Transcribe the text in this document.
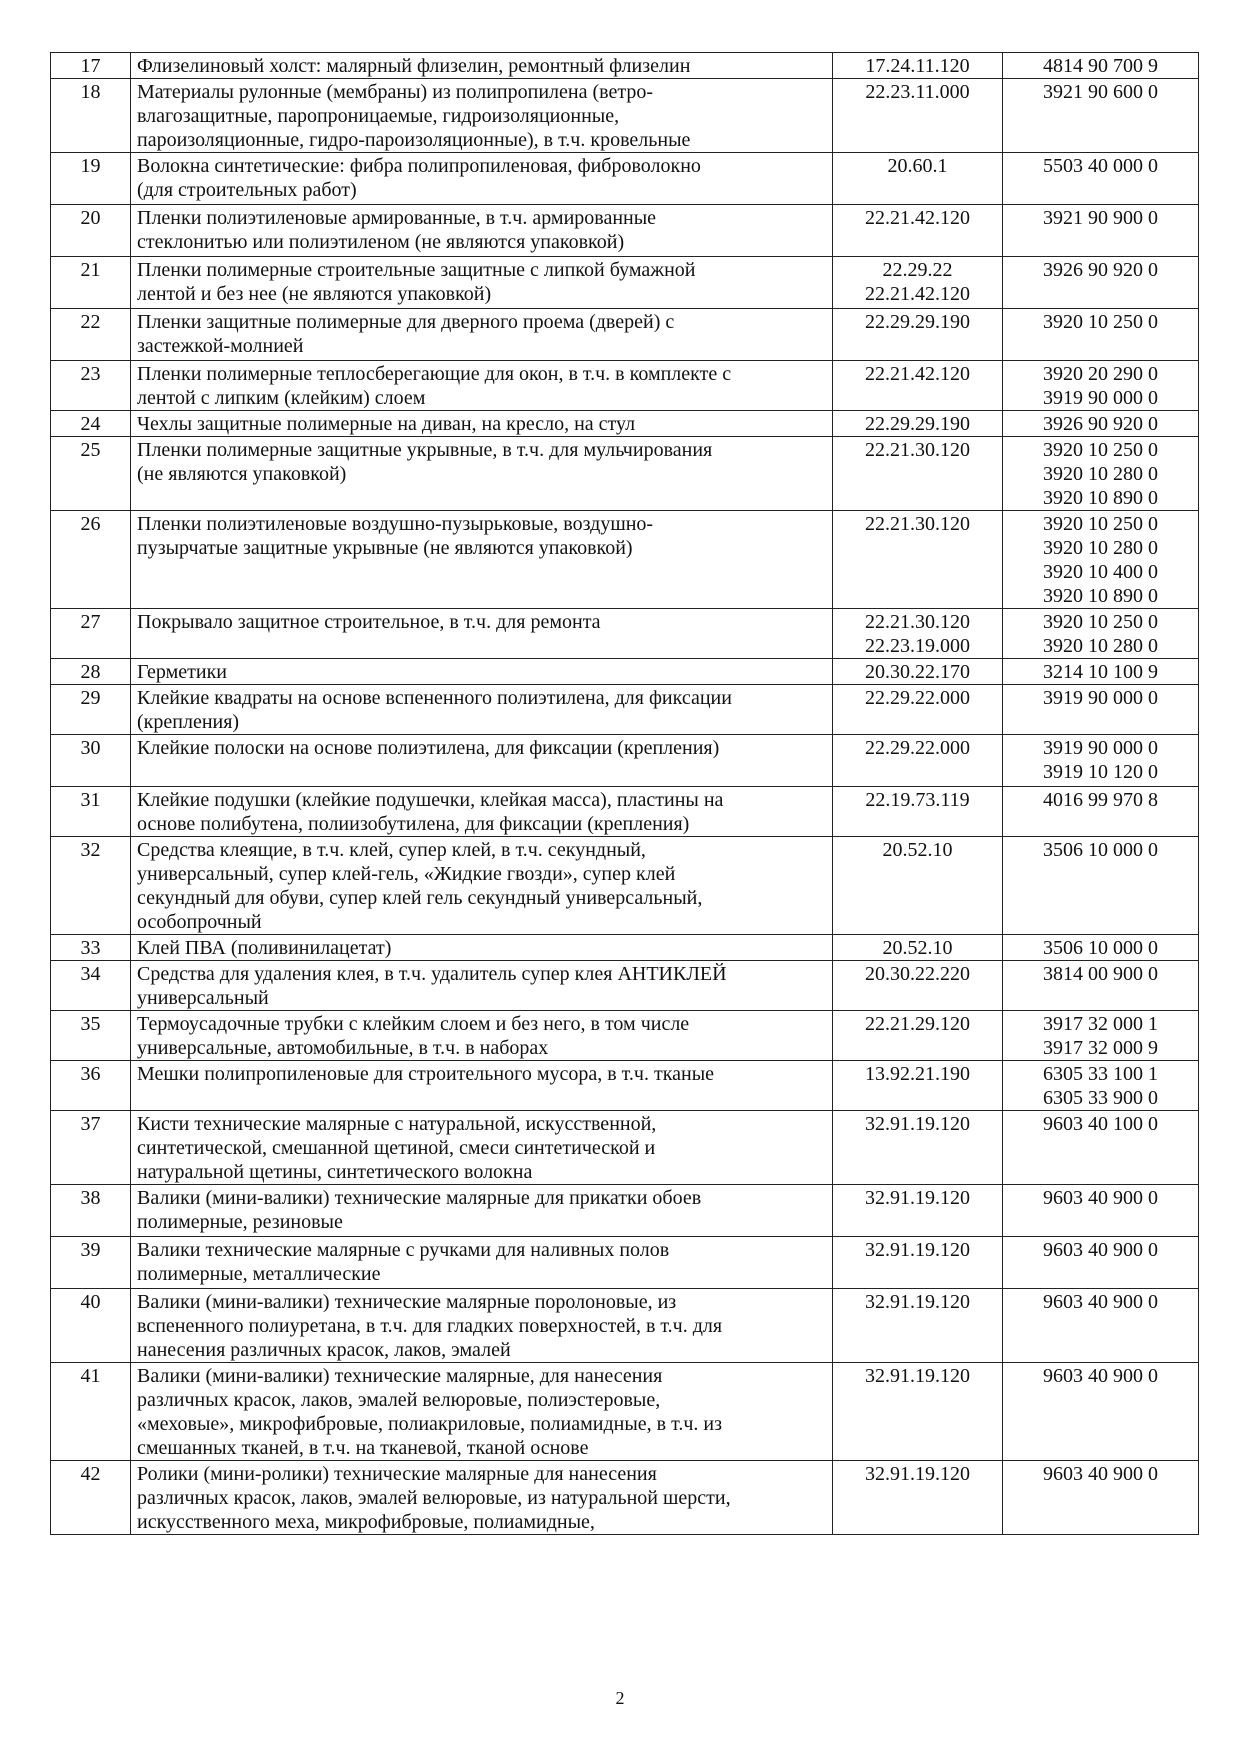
17	Флизелиновый холст: малярный флизелин, ремонтный флизелин	17.24.11.120	4814 90 700 9

18	Материалы рулонные (мембраны) из полипропилена (ветро-
влагозащитные, паропроницаемые, гидроизоляционные,
пароизоляционные, гидро-пароизоляционные), в т.ч. кровельные	22.23.11.000	3921 90 600 0

19	Волокна синтетические: фибра полипропиленовая, фиброволокно
(для строительных работ)	20.60.1	5503 40 000 0

20	Пленки полиэтиленовые армированные, в т.ч. армированные
стеклонитью или полиэтиленом (не являются упаковкой)	22.21.42.120	3921 90 900 0

21	Пленки полимерные строительные защитные с липкой бумажной
лентой и без нее (не являются упаковкой)	22.29.22
22.21.42.120	3926 90 920 0

22	Пленки защитные полимерные для дверного проема (дверей) с
застежкой-молнией	22.29.29.190	3920 10 250 0

23	Пленки полимерные теплосберегающие для окон, в т.ч. в комплекте с
лентой с липким (клейким) слоем	22.21.42.120	3920 20 290 0
3919 90 000 0

24	Чехлы защитные полимерные на диван, на кресло, на стул	22.29.29.190	3926 90 920 0

25	Пленки полимерные защитные укрывные, в т.ч. для мульчирования
(не являются упаковкой)	22.21.30.120	3920 10 250 0
3920 10 280 0
3920 10 890 0

26	Пленки полиэтиленовые воздушно-пузырьковые, воздушно-
пузырчатые защитные укрывные (не являются упаковкой)	22.21.30.120	3920 10 250 0
3920 10 280 0
3920 10 400 0
3920 10 890 0

27	Покрывало защитное строительное, в т.ч. для ремонта	22.21.30.120
22.23.19.000	3920 10 250 0
3920 10 280 0

28	Герметики	20.30.22.170	3214 10 100 9

29	Клейкие квадраты на основе вспененного полиэтилена, для фиксации
(крепления)	22.29.22.000	3919 90 000 0

30	Клейкие полоски на основе полиэтилена, для фиксации (крепления)	22.29.22.000	3919 90 000 0
3919 10 120 0

31	Клейкие подушки (клейкие подушечки, клейкая масса), пластины на
основе полибутена, полиизобутилена, для фиксации (крепления)	22.19.73.119	4016 99 970 8

32	Средства клеящие, в т.ч. клей, супер клей, в т.ч. секундный,
универсальный, супер клей-гель, «Жидкие гвозди», супер клей
секундный для обуви, супер клей гель секундный универсальный,
особопрочный	20.52.10	3506 10 000 0

33	Клей ПВА (поливинилацетат)	20.52.10	3506 10 000 0

34	Средства для удаления клея, в т.ч. удалитель супер клея АНТИКЛЕЙ
универсальный	20.30.22.220	3814 00 900 0

35	Термоусадочные трубки с клейким слоем и без него, в том числе
универсальные, автомобильные, в т.ч. в наборах	22.21.29.120	3917 32 000 1
3917 32 000 9

36	Мешки полипропиленовые для строительного мусора, в т.ч. тканые	13.92.21.190	6305 33 100 1
6305 33 900 0

37	Кисти технические малярные с натуральной, искусственной,
синтетической, смешанной щетиной, смеси синтетической и
натуральной щетины, синтетического волокна	32.91.19.120	9603 40 100 0

38	Валики (мини-валики) технические малярные для прикатки обоев
полимерные, резиновые	32.91.19.120	9603 40 900 0

39	Валики технические малярные с ручками для наливных полов
полимерные, металлические	32.91.19.120	9603 40 900 0

40	Валики (мини-валики) технические малярные поролоновые, из
вспененного полиуретана, в т.ч. для гладких поверхностей, в т.ч. для
нанесения различных красок, лаков, эмалей	32.91.19.120	9603 40 900 0

41	Валики (мини-валики) технические малярные, для нанесения
различных красок, лаков, эмалей велюровые, полиэстеровые,
«меховые», микрофибровые, полиакриловые, полиамидные, в т.ч. из
смешанных тканей, в т.ч. на тканевой, тканой основе	32.91.19.120	9603 40 900 0

42	Ролики (мини-ролики) технические малярные для нанесения
различных красок, лаков, эмалей велюровые, из натуральной шерсти,
искусственного меха, микрофибровые, полиамидные,	32.91.19.120	9603 40 900 0
2
